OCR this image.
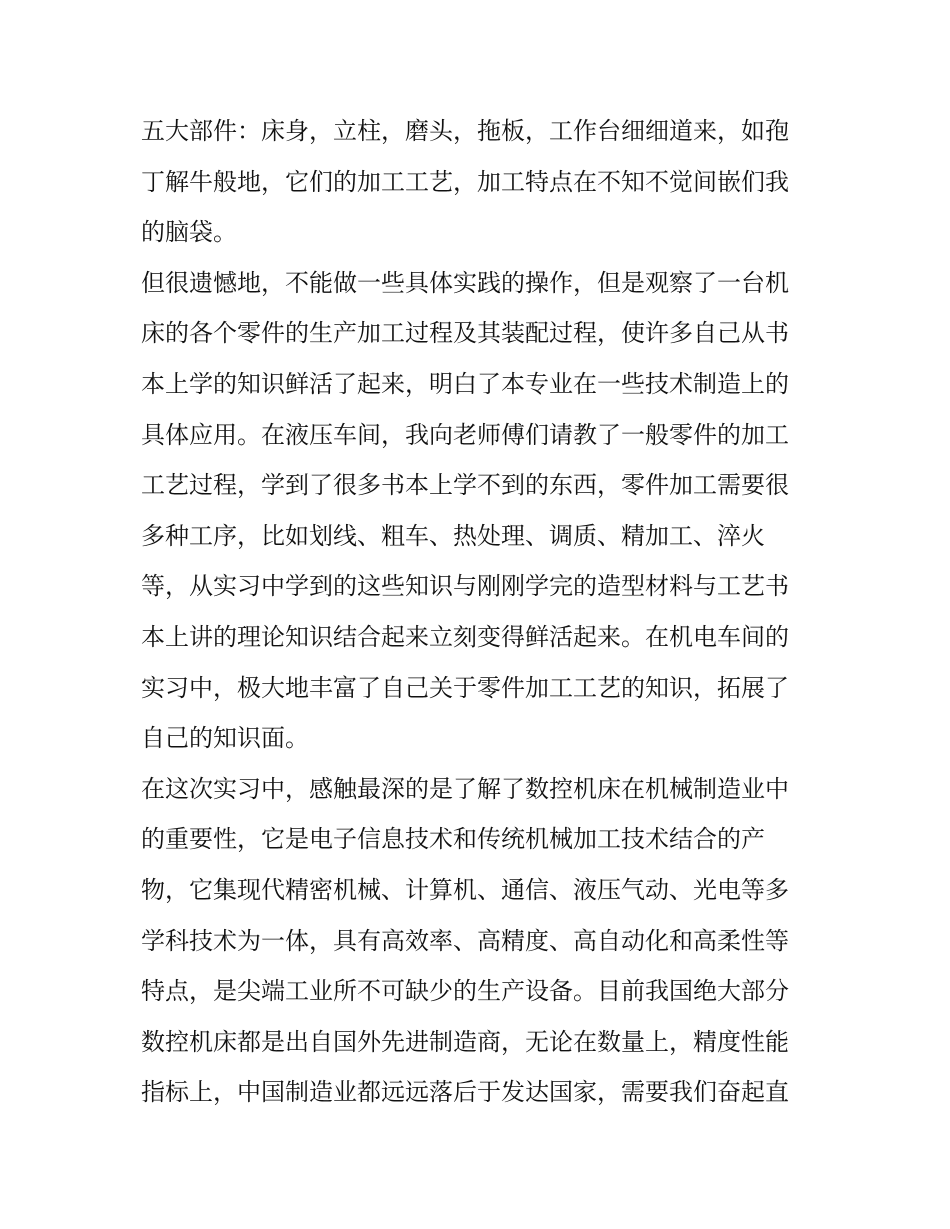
五大部件：床身，立柱，磨头，拖板，工作台细细道来，如孢
丁解牛般地，它们的加工工艺，加工特点在不知不觉间嵌们我
的脑袋。
但很遗憾地，不能做一些具体实践的操作，但是观察了一台机
床的各个零件的生产加工过程及其装配过程，使许多自己从书
本上学的知识鲜活了起来，明白了本专业在一些技术制造上的
具体应用。在液压车间，我向老师傅们请教了一般零件的加工
工艺过程，学到了很多书本上学不到的东西，零件加工需要很
多种工序，比如划线、粗车、热处理、调质、精加工、淬火
等，从实习中学到的这些知识与刚刚学完的造型材料与工艺书
本上讲的理论知识结合起来立刻变得鲜活起来。在机电车间的
实习中，极大地丰富了自己关于零件加工工艺的知识，拓展了
自己的知识面。
在这次实习中，感触最深的是了解了数控机床在机械制造业中
的重要性，它是电子信息技术和传统机械加工技术结合的产
物，它集现代精密机械、计算机、通信、液压气动、光电等多
学科技术为一体，具有高效率、高精度、高自动化和高柔性等
特点，是尖端工业所不可缺少的生产设备。目前我国绝大部分
数控机床都是出自国外先进制造商，无论在数量上，精度性能
指标上，中国制造业都远远落后于发达国家，需要我们奋起直
